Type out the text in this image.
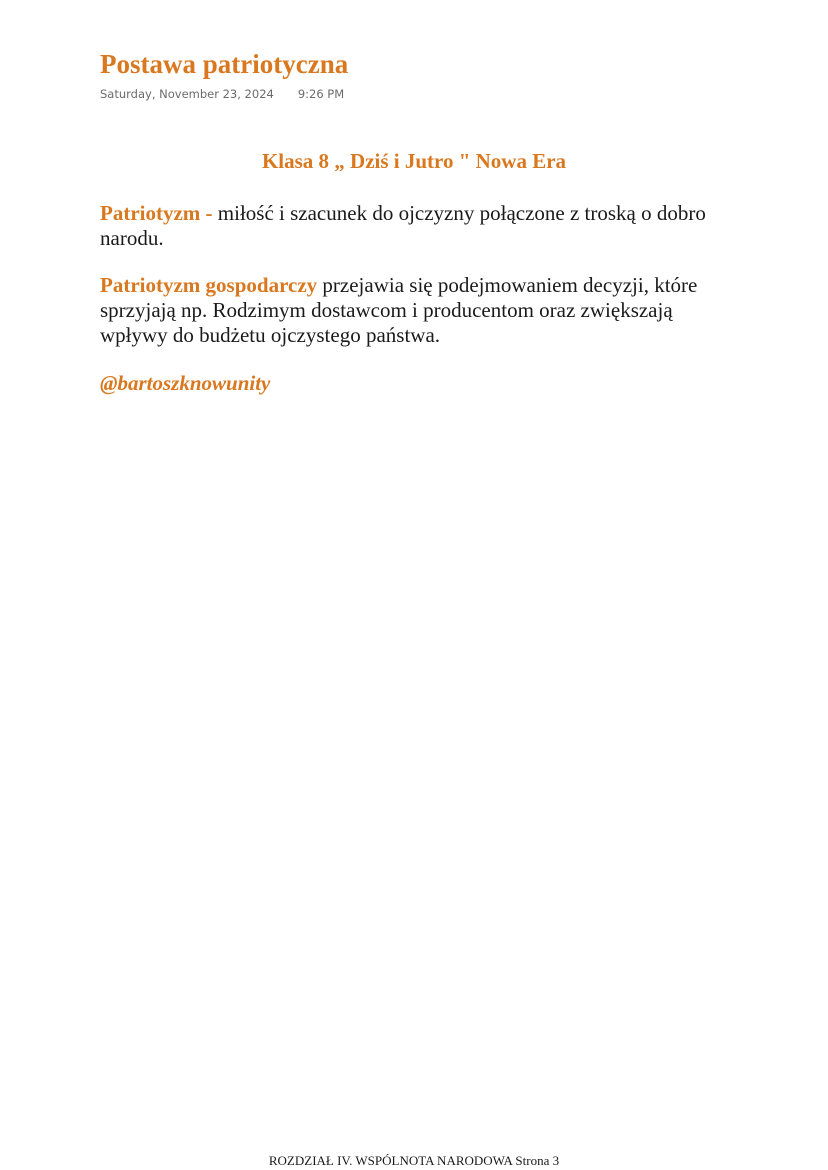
Postawa patriotyczna
Saturday, November 23, 2024 9:26 PM
Klasa 8 „ Dziś i Jutro " Nowa Era

Patriotyzm - miłość i szacunek do ojczyzny połączone z troską o dobro narodu.

Patriotyzm gospodarczy przejawia się podejmowaniem decyzji, które sprzyjają np. Rodzimym dostawcom i producentom oraz zwiększają wpływy do budżetu ojczystego państwa.

@bartoszknowunity

ROZDZIAŁ IV. WSPÓLNOTA NARODOWA Strona 3
